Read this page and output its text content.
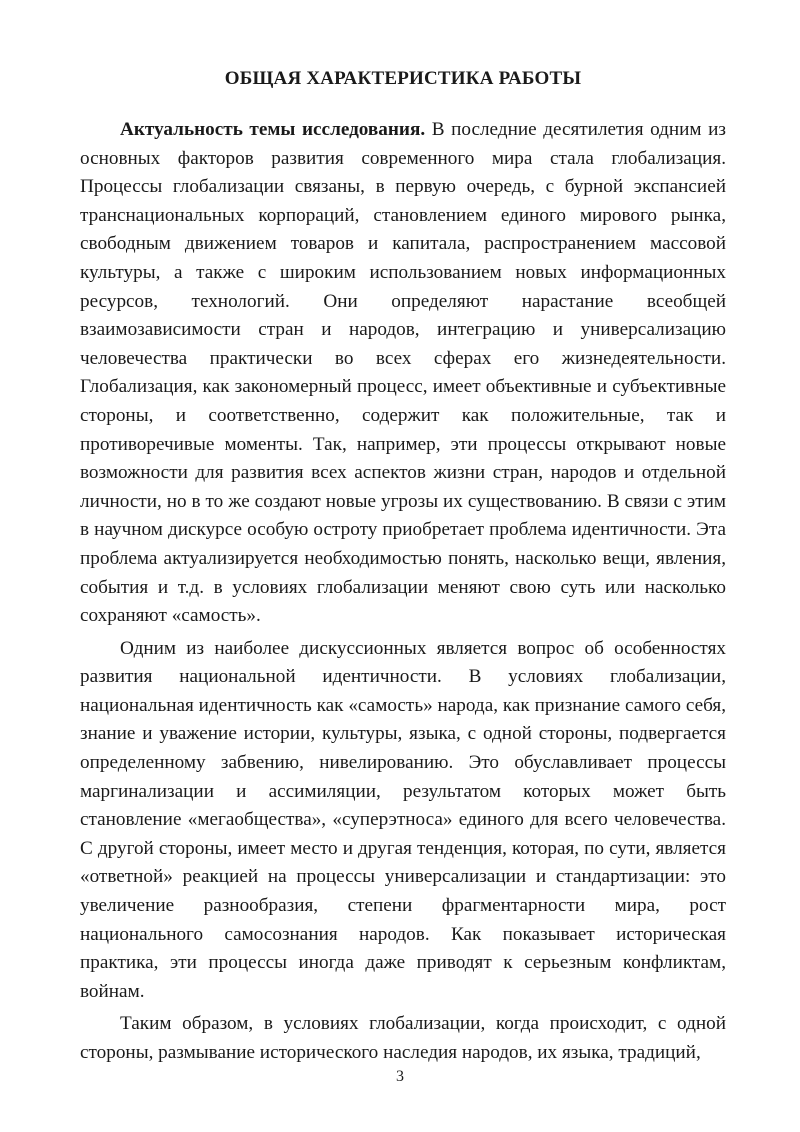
ОБЩАЯ ХАРАКТЕРИСТИКА РАБОТЫ

Актуальность темы исследования. В последние десятилетия одним из основных факторов развития современного мира стала глобализация. Процессы глобализации связаны, в первую очередь, с бурной экспансией транснациональных корпораций, становлением единого мирового рынка, свободным движением товаров и капитала, распространением массовой культуры, а также с широким использованием новых информационных ресурсов, технологий. Они определяют нарастание всеобщей взаимозависимости стран и народов, интеграцию и универсализацию человечества практически во всех сферах его жизнедеятельности. Глобализация, как закономерный процесс, имеет объективные и субъективные стороны, и соответственно, содержит как положительные, так и противоречивые моменты. Так, например, эти процессы открывают новые возможности для развития всех аспектов жизни стран, народов и отдельной личности, но в то же создают новые угрозы их существованию. В связи с этим в научном дискурсе особую остроту приобретает проблема идентичности. Эта проблема актуализируется необходимостью понять, насколько вещи, явления, события и т.д. в условиях глобализации меняют свою суть или насколько сохраняют «самость».

Одним из наиболее дискуссионных является вопрос об особенностях развития национальной идентичности. В условиях глобализации, национальная идентичность как «самость» народа, как признание самого себя, знание и уважение истории, культуры, языка, с одной стороны, подвергается определенному забвению, нивелированию. Это обуславливает процессы маргинализации и ассимиляции, результатом которых может быть становление «мегаобщества», «суперэтноса» единого для всего человечества. С другой стороны, имеет место и другая тенденция, которая, по сути, является «ответной» реакцией на процессы универсализации и стандартизации: это увеличение разнообразия, степени фрагментарности мира, рост национального самосознания народов. Как показывает историческая практика, эти процессы иногда даже приводят к серьезным конфликтам, войнам.

Таким образом, в условиях глобализации, когда происходит, с одной стороны, размывание исторического наследия народов, их языка, традиций,

3
